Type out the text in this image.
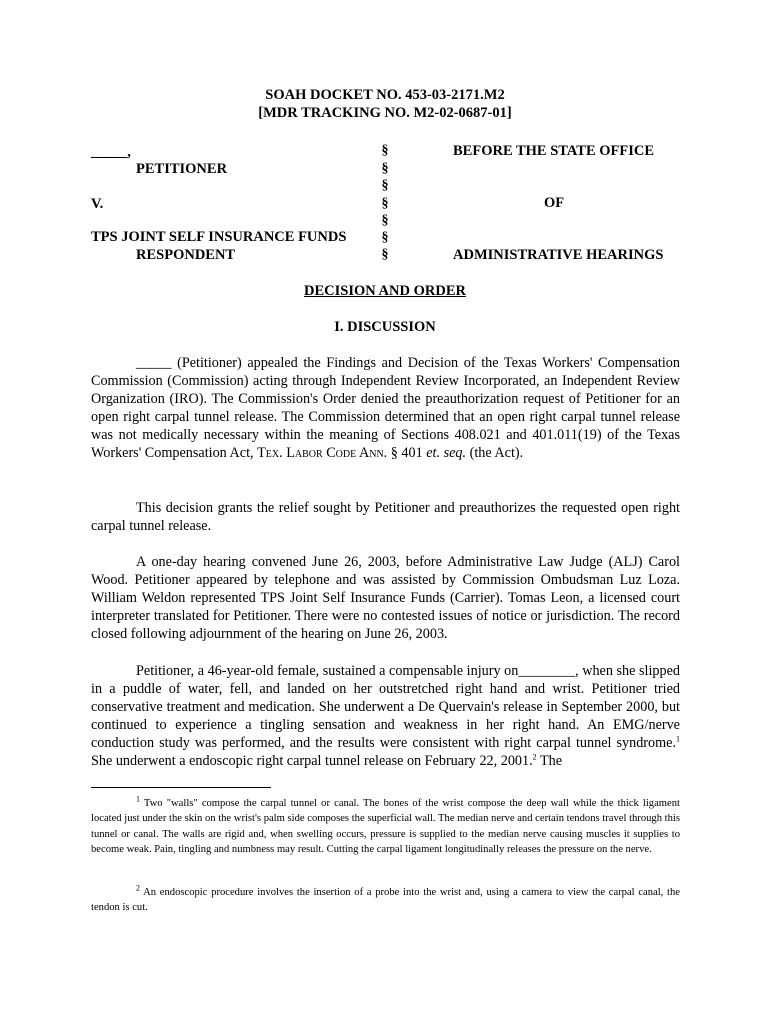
SOAH DOCKET NO. 453-03-2171.M2
[MDR TRACKING NO. M2-02-0687-01]
_____,
PETITIONER
V.
TPS JOINT SELF INSURANCE FUNDS
RESPONDENT
§
§
§
§
§
§
§
BEFORE THE STATE OFFICE
OF
ADMINISTRATIVE HEARINGS
DECISION AND ORDER
I. DISCUSSION
_____ (Petitioner) appealed the Findings and Decision of the Texas Workers' Compensation Commission (Commission) acting through Independent Review Incorporated, an Independent Review Organization (IRO). The Commission's Order denied the preauthorization request of Petitioner for an open right carpal tunnel release. The Commission determined that an open right carpal tunnel release was not medically necessary within the meaning of Sections 408.021 and 401.011(19) of the Texas Workers' Compensation Act, Tex. Labor Code Ann. § 401 et. seq. (the Act).
This decision grants the relief sought by Petitioner and preauthorizes the requested open right carpal tunnel release.
A one-day hearing convened June 26, 2003, before Administrative Law Judge (ALJ) Carol Wood. Petitioner appeared by telephone and was assisted by Commission Ombudsman Luz Loza. William Weldon represented TPS Joint Self Insurance Funds (Carrier). Tomas Leon, a licensed court interpreter translated for Petitioner. There were no contested issues of notice or jurisdiction. The record closed following adjournment of the hearing on June 26, 2003.
Petitioner, a 46-year-old female, sustained a compensable injury on________, when she slipped in a puddle of water, fell, and landed on her outstretched right hand and wrist. Petitioner tried conservative treatment and medication. She underwent a De Quervain's release in September 2000, but continued to experience a tingling sensation and weakness in her right hand. An EMG/nerve conduction study was performed, and the results were consistent with right carpal tunnel syndrome.$^1$ She underwent a endoscopic right carpal tunnel release on February 22, 2001.$^2$ The
$^1$ Two "walls" compose the carpal tunnel or canal. The bones of the wrist compose the deep wall while the thick ligament located just under the skin on the wrist's palm side composes the superficial wall. The median nerve and certain tendons travel through this tunnel or canal. The walls are rigid and, when swelling occurs, pressure is supplied to the median nerve causing muscles it supplies to become weak. Pain, tingling and numbness may result. Cutting the carpal ligament longitudinally releases the pressure on the nerve.
$^2$ An endoscopic procedure involves the insertion of a probe into the wrist and, using a camera to view the carpal canal, the tendon is cut.
